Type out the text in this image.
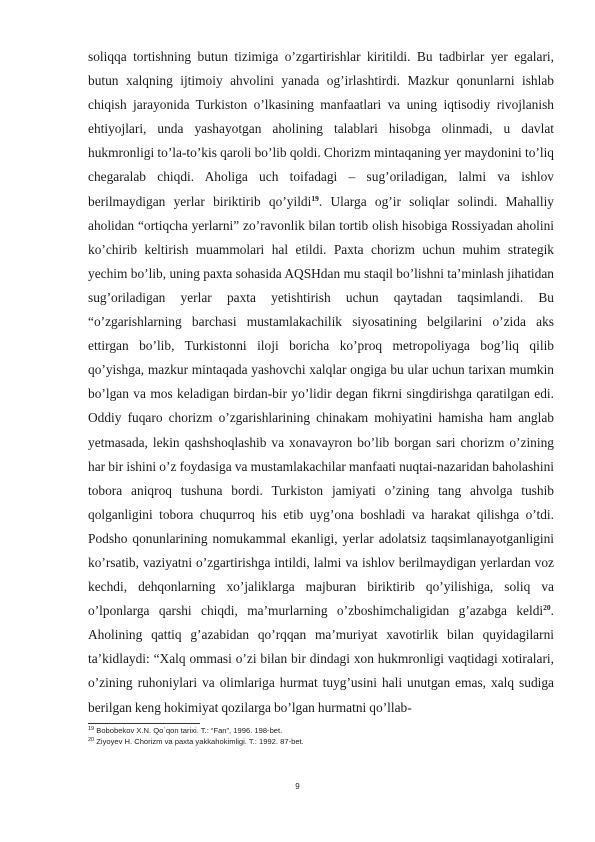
soliqqa tortishning butun tizimiga o’zgartirishlar kiritildi. Bu tadbirlar yer egalari, butun xalqning ijtimoiy ahvolini yanada og’irlashtirdi. Mazkur qonunlarni ishlab chiqish jarayonida Turkiston o’lkasining manfaatlari va uning iqtisodiy rivojlanish ehtiyojlari, unda yashayotgan aholining talablari hisobga olinmadi, u davlat hukmronligi to’la-to’kis qaroli bo’lib qoldi. Chorizm mintaqaning yer maydonini to’liq chegaralab chiqdi. Aholiga uch toifadagi – sug’oriladigan, lalmi va ishlov berilmaydigan yerlar biriktirib qo’yildi$^{19}$. Ularga og’ir soliqlar solindi. Mahalliy aholidan “ortiqcha yerlarni” zo’ravonlik bilan tortib olish hisobiga Rossiyadan aholini ko’chirib keltirish muammolari hal etildi. Paxta chorizm uchun muhim strategik yechim bo’lib, uning paxta sohasida AQSHdan mu staqil bo’lishni ta’minlash jihatidan sug’oriladigan yerlar paxta yetishtirish uchun qaytadan taqsimlandi. Bu “o’zgarishlarning barchasi mustamlakachilik siyosatining belgilarini o’zida aks ettirgan bo’lib, Turkistonni iloji boricha ko’proq metropoliyaga bog’liq qilib qo’yishga, mazkur mintaqada yashovchi xalqlar ongiga bu ular uchun tarixan mumkin bo’lgan va mos keladigan birdan-bir yo’lidir degan fikrni singdirishga qaratilgan edi. Oddiy fuqaro chorizm o’zgarishlarining chinakam mohiyatini hamisha ham anglab yetmasada, lekin qashshoqlashib va xonavayron bo’lib borgan sari chorizm o’zining har bir ishini o’z foydasiga va mustamlakachilar manfaati nuqtai-nazaridan baholashini tobora aniqroq tushuna bordi. Turkiston jamiyati o’zining tang ahvolga tushib qolganligini tobora chuqurroq his etib uyg’ona boshladi va harakat qilishga o’tdi. Podsho qonunlarining nomukammal ekanligi, yerlar adolatsiz taqsimlanayotganligini ko’rsatib, vaziyatni o’zgartirishga intildi, lalmi va ishlov berilmaydigan yerlardan voz kechdi, dehqonlarning xo’jaliklarga majburan biriktirib qo’yilishiga, soliq va o’lponlarga qarshi chiqdi, ma’murlarning o’zboshimchaligidan g’azabga keldi$^{20}$. Aholining qattiq g’azabidan qo’rqqan ma’muriyat xavotirlik bilan quyidagilarni ta’kidlaydi: “Xalq ommasi o’zi bilan bir dindagi xon hukmronligi vaqtidagi xotiralari, o’zining ruhoniylari va olimlariga hurmat tuyg’usini hali unutgan emas, xalq sudiga berilgan keng hokimiyat qozilarga bo’lgan hurmatni qo’llab-

$^{19}$ Bobobekov X.N. Qo`qon tarixi. T.: “Fan”, 1996. 198-bet.
$^{20}$ Ziyoyev H. Chorizm va paxta yakkahokimligi. T.: 1992. 87-bet.
9
